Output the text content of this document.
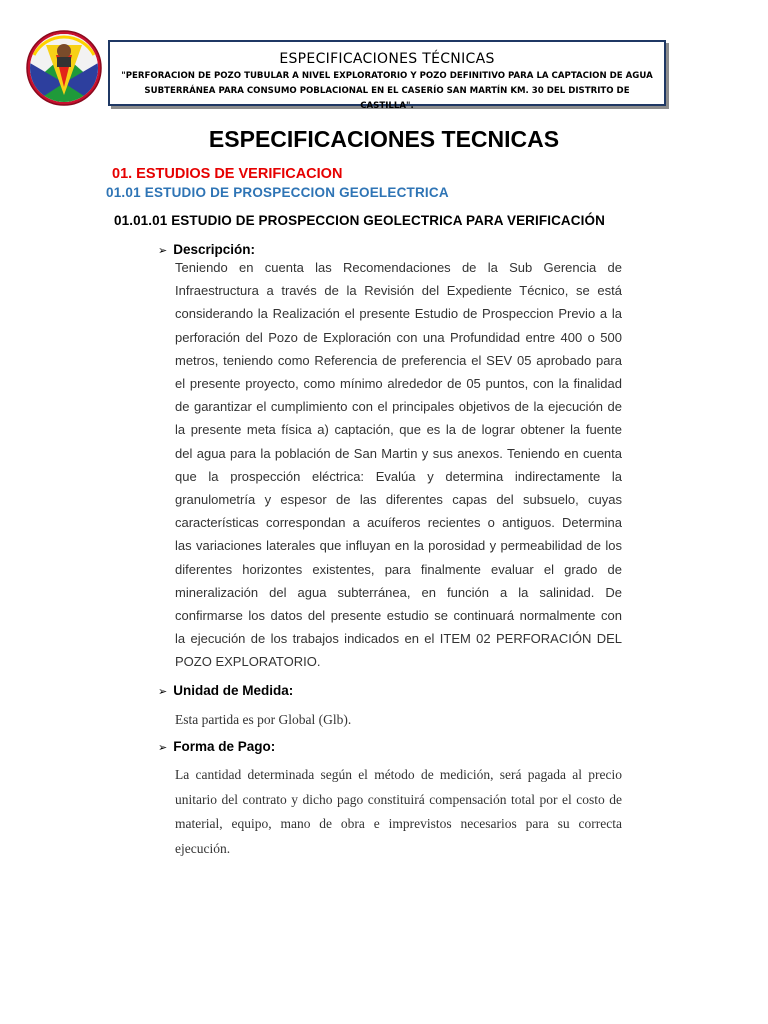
ESPECIFICACIONES TÉCNICAS
"PERFORACION DE POZO TUBULAR A NIVEL EXPLORATORIO Y POZO DEFINITIVO PARA LA CAPTACION DE AGUA
SUBTERRÁNEA PARA CONSUMO POBLACIONAL EN EL CASERÍO SAN MARTÍN KM. 30 DEL DISTRITO DE CASTILLA".
ESPECIFICACIONES TECNICAS
01. ESTUDIOS DE VERIFICACION
01.01 ESTUDIO DE PROSPECCION GEOELECTRICA
01.01.01 ESTUDIO DE PROSPECCION GEOLECTRICA PARA VERIFICACIÓN
➢ Descripción:
Teniendo en cuenta las Recomendaciones de la Sub Gerencia de
Infraestructura a través de la Revisión del Expediente Técnico, se está
considerando la Realización el presente Estudio de Prospeccion Previo a la
perforación del Pozo de Exploración con una Profundidad entre 400 o 500
metros, teniendo como Referencia de preferencia el SEV 05 aprobado para
el presente proyecto, como mínimo alrededor de 05 puntos, con la finalidad
de garantizar el cumplimiento con el principales objetivos de la ejecución de
la presente meta física a) captación, que es la de lograr obtener la fuente
del agua para la población de San Martin y sus anexos. Teniendo en cuenta
que la prospección eléctrica: Evalúa y determina indirectamente la
granulometría y espesor de las diferentes capas del subsuelo, cuyas
características correspondan a acuíferos recientes o antiguos. Determina
las variaciones laterales que influyan en la porosidad y permeabilidad de los
diferentes horizontes existentes, para finalmente evaluar el grado de
mineralización del agua subterránea, en función a la salinidad. De
confirmarse los datos del presente estudio se continuará normalmente con
la ejecución de los trabajos indicados en el ITEM 02 PERFORACIÓN DEL
POZO EXPLORATORIO.
➢ Unidad de Medida:
Esta partida es por Global (Glb).
➢ Forma de Pago:
La cantidad determinada según el método de medición, será pagada al precio
unitario del contrato y dicho pago constituirá compensación total por el costo de
material, equipo, mano de obra e imprevistos necesarios para su correcta
ejecución.
